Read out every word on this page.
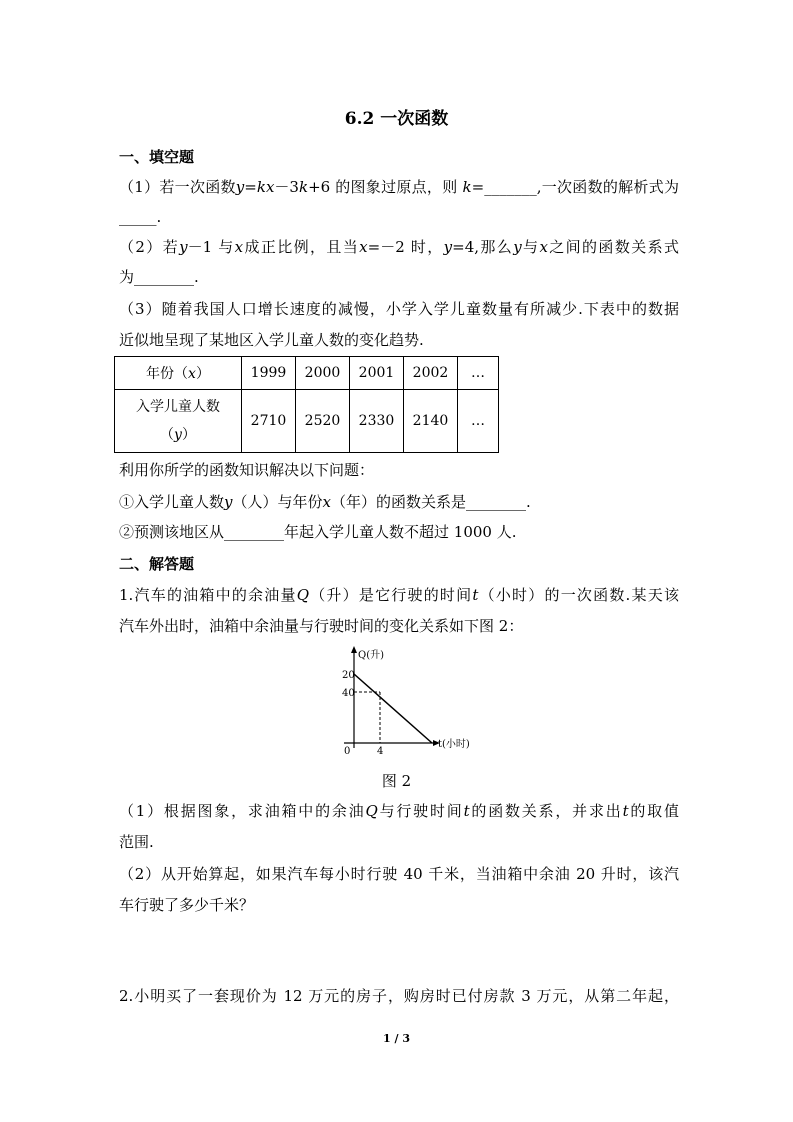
6.2 一次函数
一、填空题
（1）若一次函数y=kx－3k+6 的图象过原点，则 k=_______,一次函数的解析式为
_____.
（2）若y－1 与x成正比例，且当x=－2 时，y=4,那么y与x之间的函数关系式
为________.
（3）随着我国人口增长速度的减慢，小学入学儿童数量有所减少.下表中的数据
近似地呈现了某地区入学儿童人数的变化趋势.
年份（x）	1999	2000	2001	2002	…
入学儿童人数
（y）	2710	2520	2330	2140	…
利用你所学的函数知识解决以下问题：
①入学儿童人数y（人）与年份x（年）的函数关系是________.
②预测该地区从________年起入学儿童人数不超过 1000 人.
二、解答题
1.汽车的油箱中的余油量Q（升）是它行驶的时间t（小时）的一次函数.某天该
汽车外出时，油箱中余油量与行驶时间的变化关系如下图 2：
Q(升)
20
40
4
0
t(小时)
图 2
（1）根据图象，求油箱中的余油Q与行驶时间t的函数关系，并求出t的取值
范围.
（2）从开始算起，如果汽车每小时行驶 40 千米，当油箱中余油 20 升时，该汽
车行驶了多少千米？
2.小明买了一套现价为 12 万元的房子，购房时已付房款 3 万元，从第二年起，
1 / 3
